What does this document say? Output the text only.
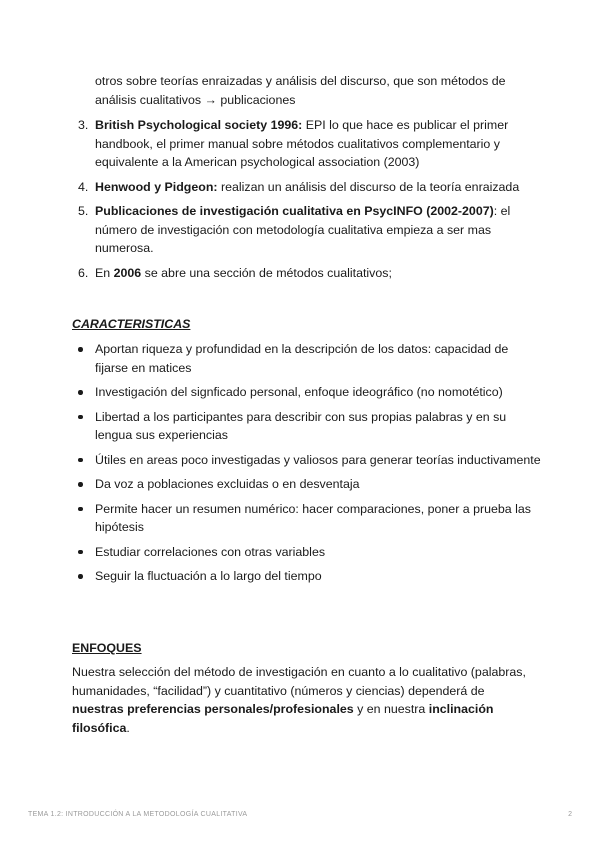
otros sobre teorías enraizadas y análisis del discurso, que son métodos de análisis cualitativos → publicaciones
3. British Psychological society 1996: EPI lo que hace es publicar el primer handbook, el primer manual sobre métodos cualitativos complementario y equivalente a la American psychological association (2003)
4. Henwood y Pidgeon: realizan un análisis del discurso de la teoría enraizada
5. Publicaciones de investigación cualitativa en PsycINFO (2002-2007): el número de investigación con metodología cualitativa empieza a ser mas numerosa.
6. En 2006 se abre una sección de métodos cualitativos;
CARACTERISTICAS
Aportan riqueza y profundidad en la descripción de los datos: capacidad de fijarse en matices
Investigación del signficado personal, enfoque ideográfico (no nomotético)
Libertad a los participantes para describir con sus propias palabras y en su lengua sus experiencias
Útiles en areas poco investigadas y valiosos para generar teorías inductivamente
Da voz a poblaciones excluidas o en desventaja
Permite hacer un resumen numérico: hacer comparaciones, poner a prueba las hipótesis
Estudiar correlaciones con otras variables
Seguir la fluctuación a lo largo del tiempo
ENFOQUES
Nuestra selección del método de investigación en cuanto a lo cualitativo (palabras, humanidades, “facilidad”) y cuantitativo (números y ciencias) dependerá de nuestras preferencias personales/profesionales y en nuestra inclinación filosófica.
TEMA 1.2: INTRODUCCIÓN A LA METODOLOGÍA CUALITATIVA	2
